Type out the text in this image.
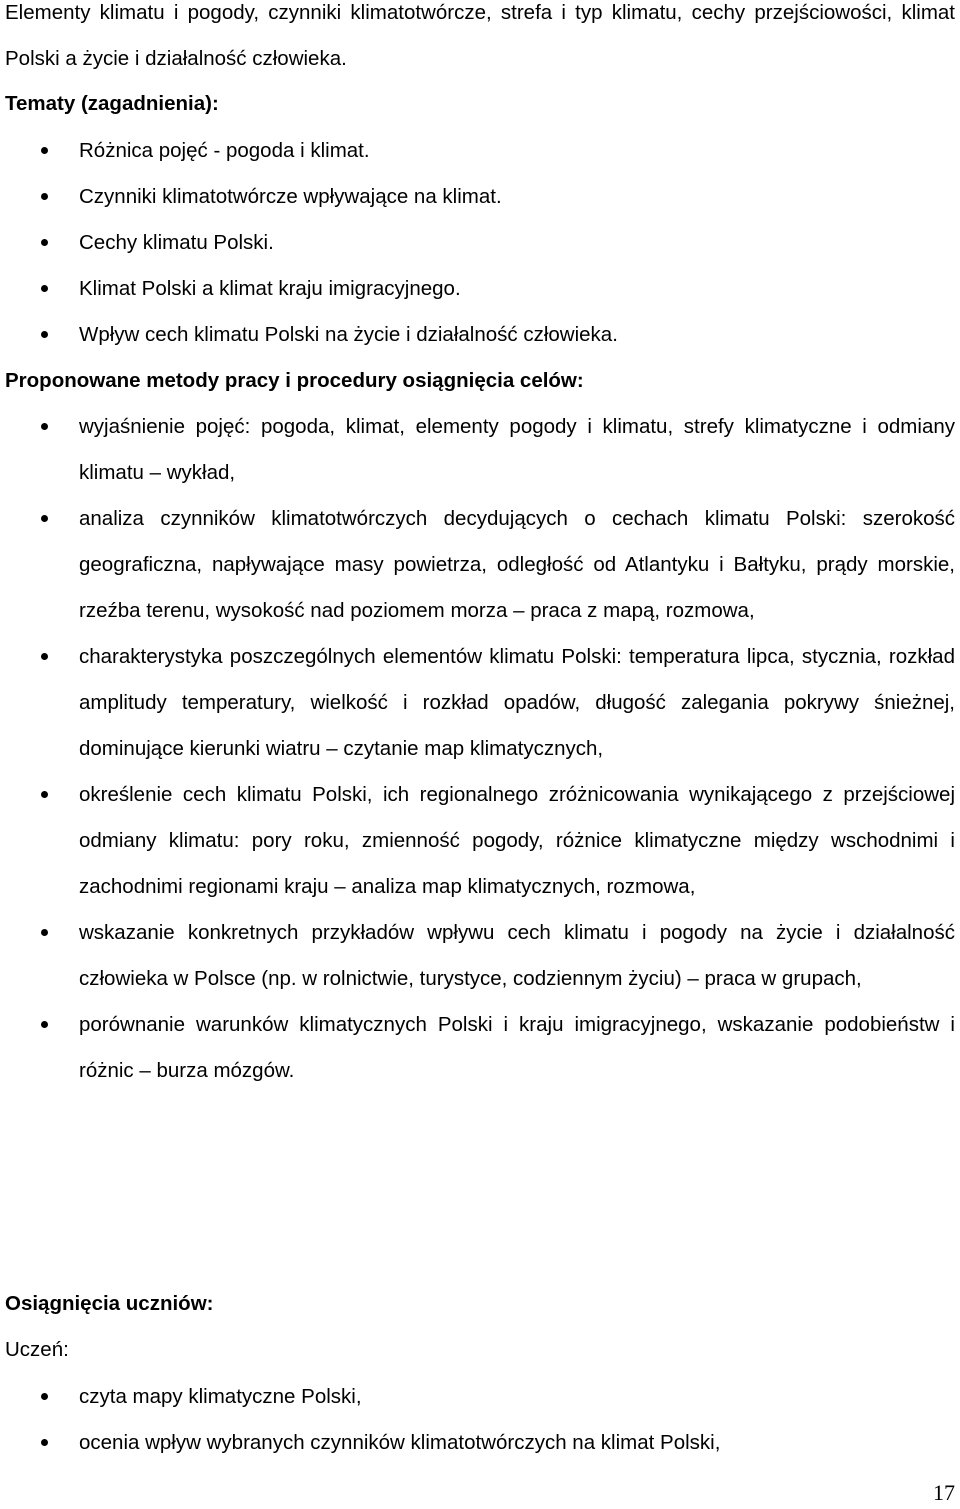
Elementy klimatu i pogody, czynniki klimatotwórcze, strefa i typ klimatu, cechy przejściowości, klimat Polski a życie i działalność człowieka.

Tematy (zagadnienia):
Różnica pojęć - pogoda i klimat.
Czynniki klimatotwórcze wpływające na klimat.
Cechy klimatu Polski.
Klimat Polski a klimat kraju imigracyjnego.
Wpływ cech klimatu Polski na życie i działalność człowieka.
Proponowane metody pracy i procedury osiągnięcia celów:
wyjaśnienie pojęć: pogoda, klimat, elementy pogody i klimatu, strefy klimatyczne i odmiany klimatu – wykład,
analiza czynników klimatotwórczych decydujących o cechach klimatu Polski: szerokość geograficzna, napływające masy powietrza, odległość od Atlantyku i Bałtyku, prądy morskie, rzeźba terenu, wysokość nad poziomem morza – praca z mapą, rozmowa,
charakterystyka poszczególnych elementów klimatu Polski: temperatura lipca, stycznia, rozkład amplitudy temperatury, wielkość i rozkład opadów, długość zalegania pokrywy śnieżnej, dominujące kierunki wiatru – czytanie map klimatycznych,
określenie cech klimatu Polski, ich regionalnego zróżnicowania wynikającego z przejściowej odmiany klimatu: pory roku, zmienność pogody, różnice klimatyczne między wschodnimi i zachodnimi regionami kraju – analiza map klimatycznych, rozmowa,
wskazanie konkretnych przykładów wpływu cech klimatu i pogody na życie i działalność człowieka w Polsce (np. w rolnictwie, turystyce, codziennym życiu) – praca w grupach,
porównanie warunków klimatycznych Polski i kraju imigracyjnego, wskazanie podobieństw i różnic – burza mózgów.
Osiągnięcia uczniów:
Uczeń:
czyta mapy klimatyczne Polski,
ocenia wpływ wybranych czynników klimatotwórczych na klimat Polski,
17
